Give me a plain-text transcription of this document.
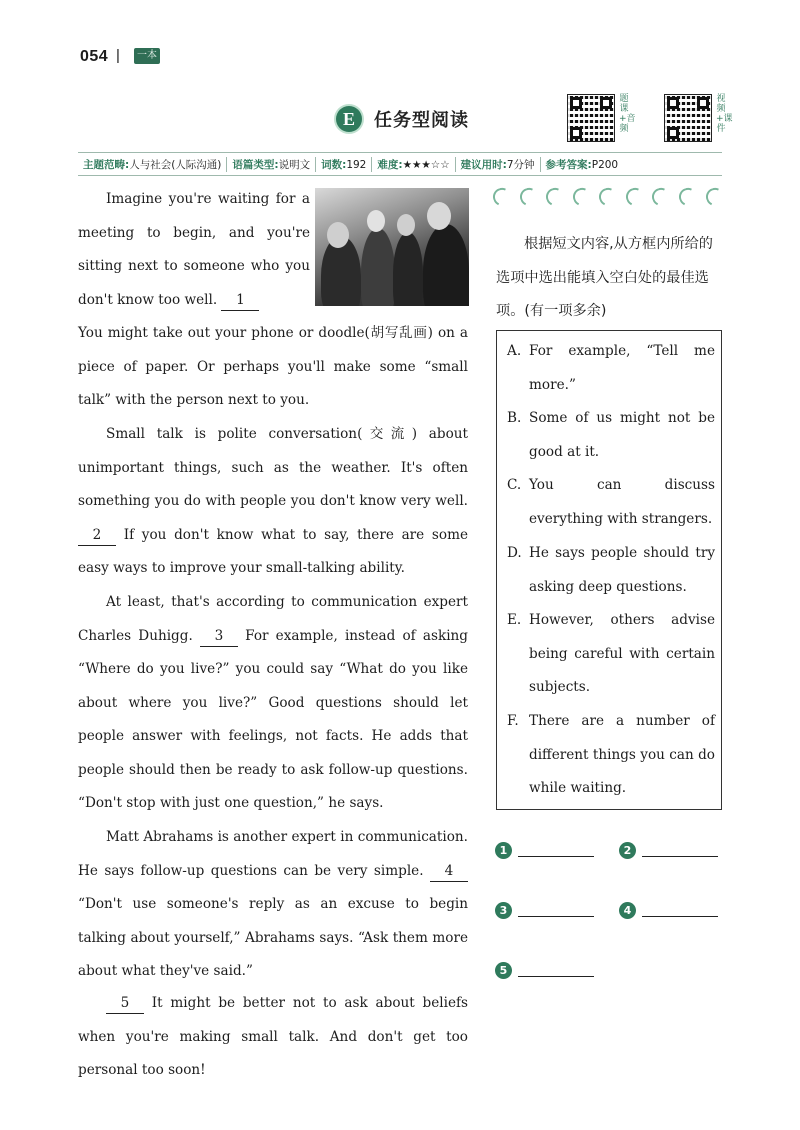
054 |	一本
E	任务型阅读
题课+音频
视频+课件
主题范畴:人与社会(人际沟通)	语篇类型:说明文	词数:192	难度:★★★☆☆	建议用时:7分钟	参考答案:P200
Imagine you're waiting for a meeting to begin, and you're sitting next to someone who you don't know too well. 1
You might take out your phone or doodle(胡写乱画) on a piece of paper. Or perhaps you'll make some “small talk” with the person next to you.
Small talk is polite conversation(交流) about unimportant things, such as the weather. It's often something you do with people you don't know very well. 2 If you don't know what to say, there are some easy ways to improve your small-talking ability.
At least, that's according to communication expert Charles Duhigg. 3 For example, instead of asking “Where do you live?” you could say “What do you like about where you live?” Good questions should let people answer with feelings, not facts. He adds that people should then be ready to ask follow-up questions. “Don't stop with just one question,” he says.
Matt Abrahams is another expert in communication. He says follow-up questions can be very simple. 4 “Don't use someone's reply as an excuse to begin talking about yourself,” Abrahams says. “Ask them more about what they've said.”
5 It might be better not to ask about beliefs when you're making small talk. And don't get too personal too soon!
根据短文内容,从方框内所给的选项中选出能填入空白处的最佳选项。(有一项多余)
A. For example, “Tell me more.”
B. Some of us might not be good at it.
C. You can discuss everything with strangers.
D. He says people should try asking deep questions.
E. However, others advise being careful with certain subjects.
F. There are a number of different things you can do while waiting.
1	2
3	4
5
